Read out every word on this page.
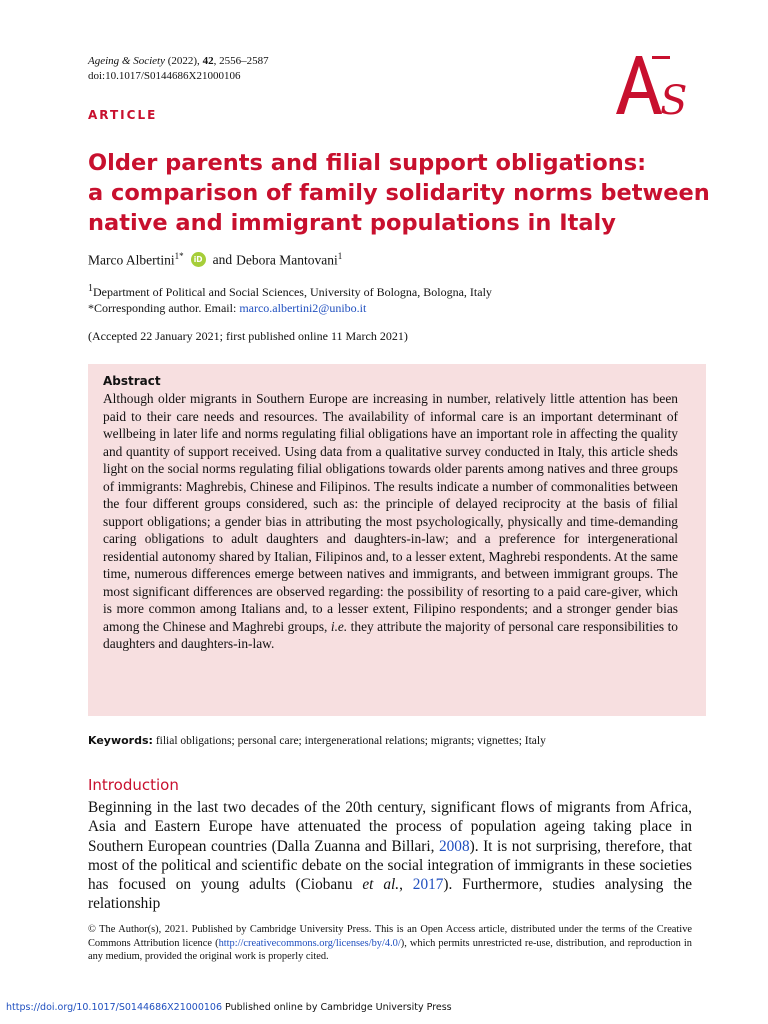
Ageing & Society (2022), 42, 2556–2587
doi:10.1017/S0144686X21000106
S
ARTICLE
Older parents and filial support obligations:
a comparison of family solidarity norms between
native and immigrant populations in Italy
Marco Albertini$^{1*}$	iD and Debora Mantovani$^1$
$^1$Department of Political and Social Sciences, University of Bologna, Bologna, Italy
*Corresponding author. Email: marco.albertini2@unibo.it
(Accepted 22 January 2021; first published online 11 March 2021)
Abstract

Although older migrants in Southern Europe are increasing in number, relatively little attention has been paid to their care needs and resources. The availability of informal care is an important determinant of wellbeing in later life and norms regulating filial obligations have an important role in affecting the quality and quantity of support received. Using data from a qualitative survey conducted in Italy, this article sheds light on the social norms regulating filial obligations towards older parents among natives and three groups of immigrants: Maghrebis, Chinese and Filipinos. The results indicate a number of commonalities between the four different groups considered, such as: the principle of delayed reciprocity at the basis of filial support obligations; a gender bias in attributing the most psychologically, physically and time-demanding caring obligations to adult daughters and daughters-in-law; and a preference for intergenerational residential autonomy shared by Italian, Filipinos and, to a lesser extent, Maghrebi respondents. At the same time, numerous differences emerge between natives and immigrants, and between immigrant groups. The most significant differences are observed regarding: the possibility of resorting to a paid care-giver, which is more common among Italians and, to a lesser extent, Filipino respondents; and a stronger gender bias among the Chinese and Maghrebi groups, i.e. they attribute the majority of personal care responsibilities to daughters and daughters-in-law.

Keywords: filial obligations; personal care; intergenerational relations; migrants; vignettes; Italy
Introduction

Beginning in the last two decades of the 20th century, significant flows of migrants from Africa, Asia and Eastern Europe have attenuated the process of population ageing taking place in Southern European countries (Dalla Zuanna and Billari, 2008). It is not surprising, therefore, that most of the political and scientific debate on the social integration of immigrants in these societies has focused on young adults (Ciobanu et al., 2017). Furthermore, studies analysing the relationship

© The Author(s), 2021. Published by Cambridge University Press. This is an Open Access article, distributed under the terms of the Creative Commons Attribution licence (http://creativecommons.org/licenses/by/4.0/), which permits unrestricted re-use, distribution, and reproduction in any medium, provided the original work is properly cited.

https://doi.org/10.1017/S0144686X21000106 Published online by Cambridge University Press
